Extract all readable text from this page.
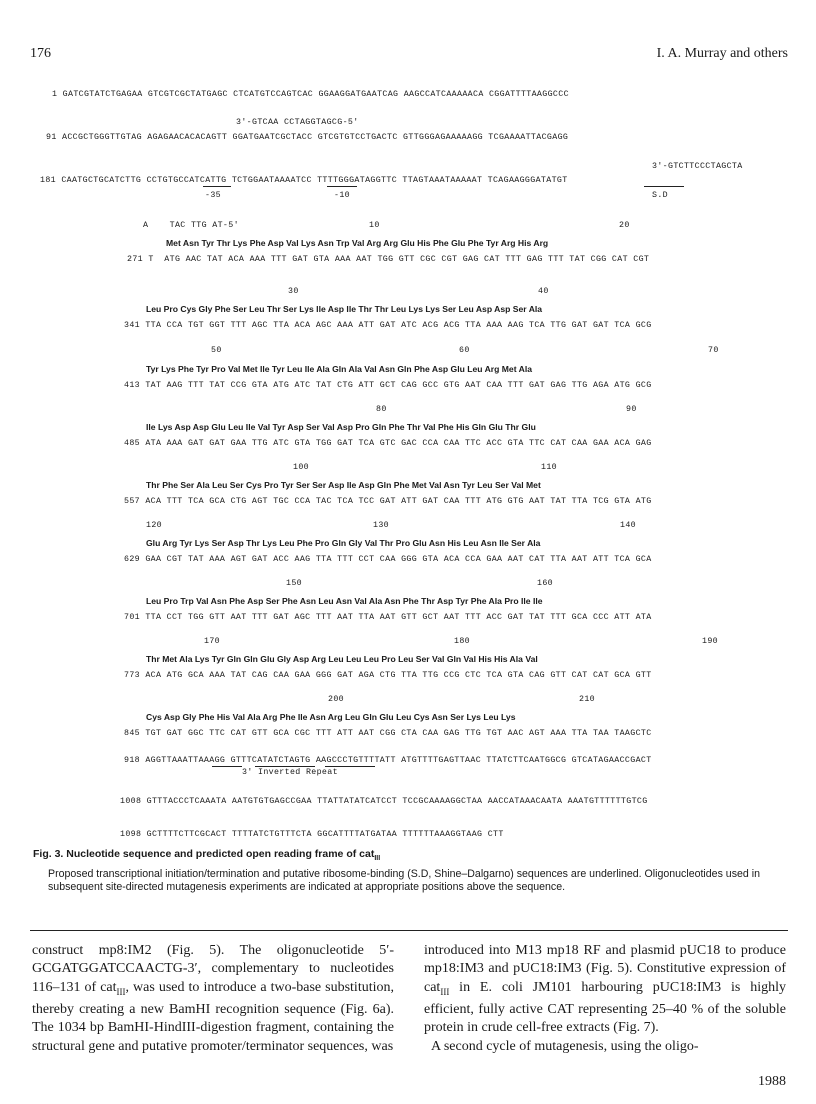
176	I. A. Murray and others
1 GATCGTATCTGAGAA GTCGTCGCTATGAGC CTCATGTCCAGTCAC GGAAGGATGAATCAG AAGCCATCAAAAACA CGGATTTTAAGGCCC
3'-GTCAA CCTAGGTAGCG-5'
91 ACCGCTGGGTTGTAG AGAGAACACACAGTT GGATGAATCGCTACC GTCGTGTCCTGACTC GTTGGGAGAAAAAGG TCGAAAATTACGAGG
3'-GTCTTCCCTAGCTA
181 CAATGCTGCATCTTG CCTGTGCCATCATTG TCTGGAATAAAATCC TTTTGGGATAGGTTC TTAGTAAATAAAAAT TCAGAAGGGATATGT
-35	-10	S.D
A    TAC TTG AT-5'	10	20
Met Asn Tyr Thr Lys Phe Asp Val Lys Asn Trp Val Arg Arg Glu His Phe Glu Phe Tyr Arg His Arg
271 T  ATG AAC TAT ACA AAA TTT GAT GTA AAA AAT TGG GTT CGC CGT GAG CAT TTT GAG TTT TAT CGG CAT CGT
30	40
Leu Pro Cys Gly Phe Ser Leu Thr Ser Lys Ile Asp Ile Thr Thr Leu Lys Lys Ser Leu Asp Asp Ser Ala
341 TTA CCA TGT GGT TTT AGC TTA ACA AGC AAA ATT GAT ATC ACG ACG TTA AAA AAG TCA TTG GAT GAT TCA GCG
50	60	70
Tyr Lys Phe Tyr Pro Val Met Ile Tyr Leu Ile Ala Gln Ala Val Asn Gln Phe Asp Glu Leu Arg Met Ala
413 TAT AAG TTT TAT CCG GTA ATG ATC TAT CTG ATT GCT CAG GCC GTG AAT CAA TTT GAT GAG TTG AGA ATG GCG
80	90
Ile Lys Asp Asp Glu Leu Ile Val Tyr Asp Ser Val Asp Pro Gln Phe Thr Val Phe His Gln Glu Thr Glu
485 ATA AAA GAT GAT GAA TTG ATC GTA TGG GAT TCA GTC GAC CCA CAA TTC ACC GTA TTC CAT CAA GAA ACA GAG
100	110
Thr Phe Ser Ala Leu Ser Cys Pro Tyr Ser Ser Asp Ile Asp Gln Phe Met Val Asn Tyr Leu Ser Val Met
557 ACA TTT TCA GCA CTG AGT TGC CCA TAC TCA TCC GAT ATT GAT CAA TTT ATG GTG AAT TAT TTA TCG GTA ATG
120	130	140
Glu Arg Tyr Lys Ser Asp Thr Lys Leu Phe Pro Gln Gly Val Thr Pro Glu Asn His Leu Asn Ile Ser Ala
629 GAA CGT TAT AAA AGT GAT ACC AAG TTA TTT CCT CAA GGG GTA ACA CCA GAA AAT CAT TTA AAT ATT TCA GCA
150	160
Leu Pro Trp Val Asn Phe Asp Ser Phe Asn Leu Asn Val Ala Asn Phe Thr Asp Tyr Phe Ala Pro Ile Ile
701 TTA CCT TGG GTT AAT TTT GAT AGC TTT AAT TTA AAT GTT GCT AAT TTT ACC GAT TAT TTT GCA CCC ATT ATA
170	180	190
Thr Met Ala Lys Tyr Gln Gln Glu Gly Asp Arg Leu Leu Leu Pro Leu Ser Val Gln Val His His Ala Val
773 ACA ATG GCA AAA TAT CAG CAA GAA GGG GAT AGA CTG TTA TTG CCG CTC TCA GTA CAG GTT CAT CAT GCA GTT
200	210
Cys Asp Gly Phe His Val Ala Arg Phe Ile Asn Arg Leu Gln Glu Leu Cys Asn Ser Lys Leu Lys
845 TGT GAT GGC TTC CAT GTT GCA CGC TTT ATT AAT CGG CTA CAA GAG TTG TGT AAC AGT AAA TTA TAA TAAGCTC
918 AGGTTAAATTAAAGG GTTTCATATCTAGTG AAGCCCTGTTTTATT ATGTTTTGAGTTAAC TTATCTTCAATGGCG GTCATAGAACCGACT
3' Inverted Repeat
1008 GTTTACCCTCAAATA AATGTGTGAGCCGAA TTATTATATCATCCT TCCGCAAAAGGCTAA AACCATAAACAATA AAATGTTTTTTGTCG
1098 GCTTTTCTTCGCACT TTTTATCTGTTTCTA GGCATTTTATGATAA TTTTTTAAAGGTAAG CTT
Fig. 3. Nucleotide sequence and predicted open reading frame of cat$_{III}$
Proposed transcriptional initiation/termination and putative ribosome-binding (S.D, Shine–Dalgarno) sequences are underlined. Oligonucleotides used in subsequent site-directed mutagenesis experiments are indicated at appropriate positions above the sequence.
construct mp8:IM2 (Fig. 5). The oligonucleotide 5′-GCGATGGATCCAACTG-3′, complementary to nucleotides 116–131 of cat$_{III}$, was used to introduce a two-base substitution, thereby creating a new BamHI recognition sequence (Fig. 6a). The 1034 bp BamHI-HindIII-digestion fragment, containing the structural gene and putative promoter/terminator sequences, was
introduced into M13 mp18 RF and plasmid pUC18 to produce mp18:IM3 and pUC18:IM3 (Fig. 5). Constitutive expression of cat$_{III}$ in E. coli JM101 harbouring pUC18:IM3 is highly efficient, fully active CAT representing 25–40 % of the soluble protein in crude cell-free extracts (Fig. 7).
A second cycle of mutagenesis, using the oligo-
1988
